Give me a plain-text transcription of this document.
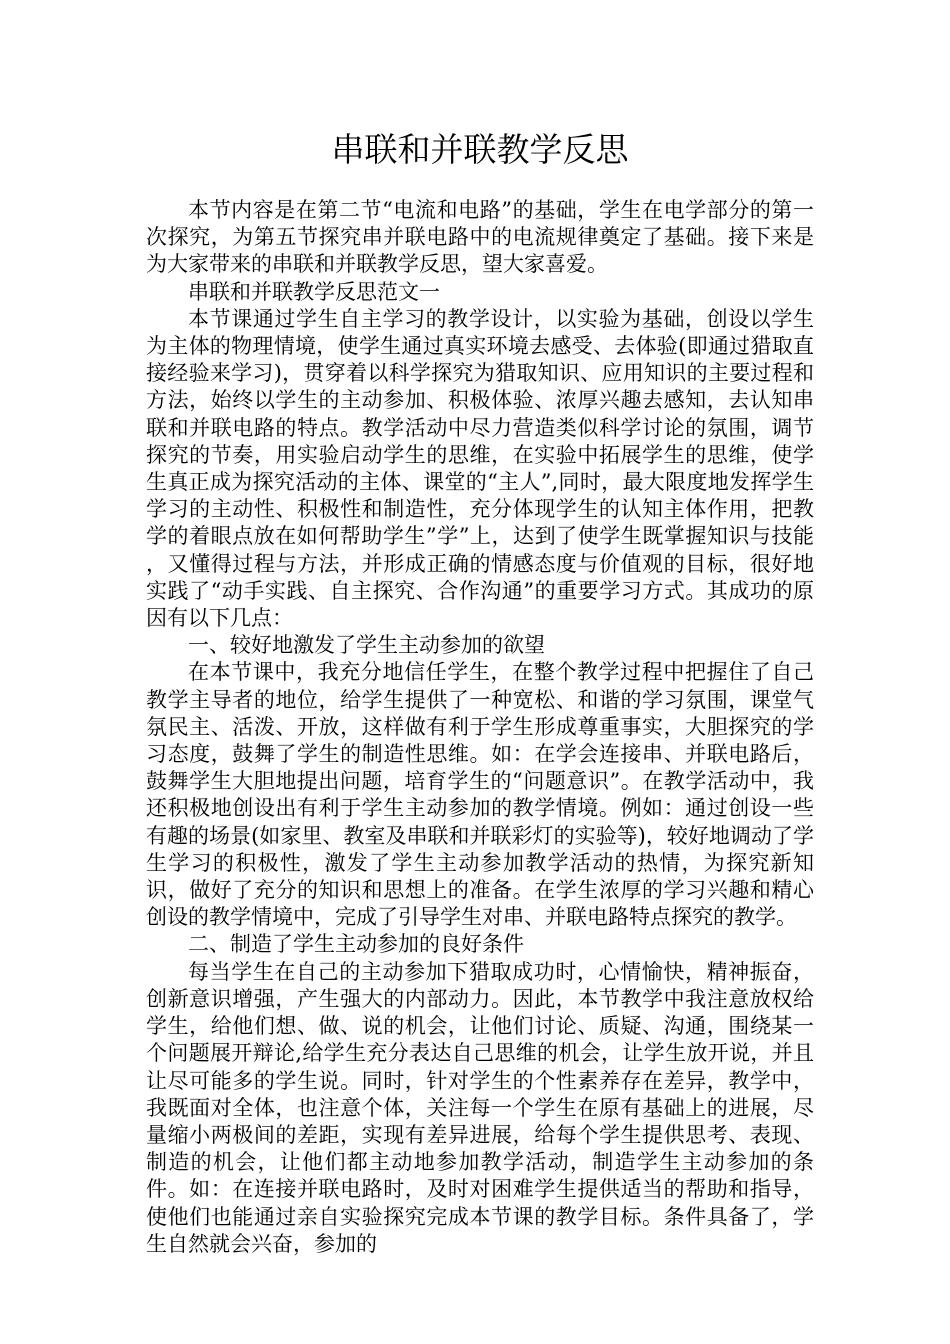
串联和并联教学反思

本节内容是在第二节“电流和电路”的基础，学生在电学部分的第一次探究，为第五节探究串并联电路中的电流规律奠定了基础。接下来是为大家带来的串联和并联教学反思，望大家喜爱。

串联和并联教学反思范文一

本节课通过学生自主学习的教学设计，以实验为基础，创设以学生为主体的物理情境，使学生通过真实环境去感受、去体验(即通过猎取直接经验来学习)，贯穿着以科学探究为猎取知识、应用知识的主要过程和方法，始终以学生的主动参加、积极体验、浓厚兴趣去感知，去认知串联和并联电路的特点。教学活动中尽力营造类似科学讨论的氛围，调节探究的节奏，用实验启动学生的思维，在实验中拓展学生的思维，使学生真正成为探究活动的主体、课堂的“主人”,同时，最大限度地发挥学生学习的主动性、积极性和制造性，充分体现学生的认知主体作用，把教学的着眼点放在如何帮助学生”学”上，达到了使学生既掌握知识与技能 ，又懂得过程与方法，并形成正确的情感态度与价值观的目标，很好地实践了“动手实践、自主探究、合作沟通”的重要学习方式。其成功的原因有以下几点：

一、较好地激发了学生主动参加的欲望

在本节课中，我充分地信任学生，在整个教学过程中把握住了自己教学主导者的地位，给学生提供了一种宽松、和谐的学习氛围，课堂气氛民主、活泼、开放，这样做有利于学生形成尊重事实，大胆探究的学习态度，鼓舞了学生的制造性思维。如：在学会连接串、并联电路后，鼓舞学生大胆地提出问题，培育学生的“问题意识”。在教学活动中，我还积极地创设出有利于学生主动参加的教学情境。例如：通过创设一些有趣的场景(如家里、教室及串联和并联彩灯的实验等)，较好地调动了学生学习的积极性，激发了学生主动参加教学活动的热情，为探究新知识，做好了充分的知识和思想上的准备。在学生浓厚的学习兴趣和精心创设的教学情境中，完成了引导学生对串、并联电路特点探究的教学。

二、制造了学生主动参加的良好条件

每当学生在自己的主动参加下猎取成功时，心情愉快，精神振奋，创新意识增强，产生强大的内部动力。因此，本节教学中我注意放权给学生，给他们想、做、说的机会，让他们讨论、质疑、沟通，围绕某一个问题展开辩论,给学生充分表达自己思维的机会，让学生放开说，并且让尽可能多的学生说。同时，针对学生的个性素养存在差异，教学中，我既面对全体，也注意个体，关注每一个学生在原有基础上的进展，尽量缩小两极间的差距，实现有差异进展，给每个学生提供思考、表现、制造的机会，让他们都主动地参加教学活动，制造学生主动参加的条件。如：在连接并联电路时，及时对困难学生提供适当的帮助和指导，使他们也能通过亲自实验探究完成本节课的教学目标。条件具备了，学生自然就会兴奋，参加的
